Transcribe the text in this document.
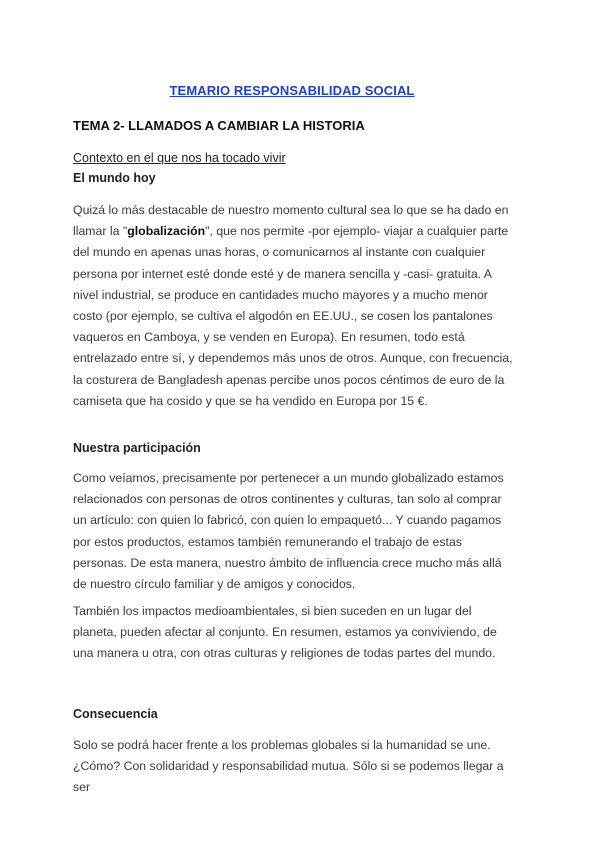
TEMARIO RESPONSABILIDAD SOCIAL
TEMA 2- LLAMADOS A CAMBIAR LA HISTORIA
Contexto en el que nos ha tocado vivir
El mundo hoy
Quizá lo más destacable de nuestro momento cultural sea lo que se ha dado en llamar la "globalización", que nos permite -por ejemplo- viajar a cualquier parte del mundo en apenas unas horas, o comunicarnos al instante con cualquier persona por internet esté donde esté y de manera sencilla y -casi- gratuita. A nivel industrial, se produce en cantidades mucho mayores y a mucho menor costo (por ejemplo, se cultiva el algodón en EE.UU., se cosen los pantalones vaqueros en Camboya, y se venden en Europa). En resumen, todo está entrelazado entre sí, y dependemos más unos de otros. Aunque, con frecuencia, la costurera de Bangladesh apenas percibe unos pocos céntimos de euro de la camiseta que ha cosido y que se ha vendido en Europa por 15 €.
Nuestra participación
Como veíamos, precisamente por pertenecer a un mundo globalizado estamos relacionados con personas de otros continentes y culturas, tan solo al comprar un artículo: con quien lo fabricó, con quien lo empaquetó... Y cuando pagamos por estos productos, estamos también remunerando el trabajo de estas personas. De esta manera, nuestro ámbito de influencia crece mucho más allá de nuestro círculo familiar y de amigos y conocidos.
También los impactos medioambientales, si bien suceden en un lugar del planeta, pueden afectar al conjunto. En resumen, estamos ya conviviendo, de una manera u otra, con otras culturas y religiones de todas partes del mundo.
Consecuencia
Solo se podrá hacer frente a los problemas globales si la humanidad se une. ¿Cómo? Con solidaridad y responsabilidad mutua. Sólo si se podemos llegar a ser
